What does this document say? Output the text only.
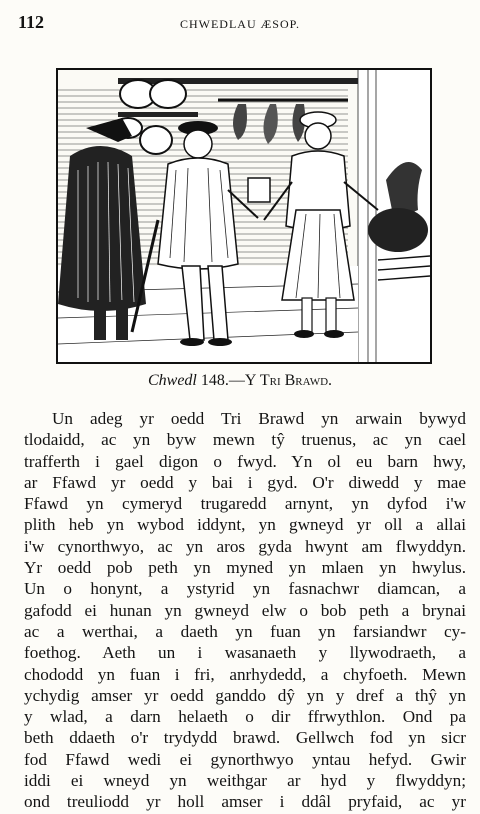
112	CHWEDLAU ÆSOP.
Chwedl 148.—Y Tri Brawd.
Un adeg yr oedd Tri Brawd yn arwain bywyd
tlodaidd, ac yn byw mewn tŷ truenus, ac yn cael
trafferth i gael digon o fwyd. Yn ol eu barn hwy,
ar Ffawd yr oedd y bai i gyd. O'r diwedd y mae
Ffawd yn cymeryd trugaredd arnynt, yn dyfod i'w
plith heb yn wybod iddynt, yn gwneyd yr oll a allai
i'w cynorthwyo, ac yn aros gyda hwynt am flwyddyn.
Yr oedd pob peth yn myned yn mlaen yn hwylus.
Un o honynt, a ystyrid yn fasnachwr diamcan, a
gafodd ei hunan yn gwneyd elw o bob peth a brynai
ac a werthai, a daeth yn fuan yn farsiandwr cy-
foethog. Aeth un i wasanaeth y llywodraeth, a
chododd yn fuan i fri, anrhydedd, a chyfoeth. Mewn
ychydig amser yr oedd ganddo dŷ yn y dref a thŷ yn
y wlad, a darn helaeth o dir ffrwythlon. Ond pa
beth ddaeth o'r trydydd brawd. Gellwch fod yn sicr
fod Ffawd wedi ei gynorthwyo yntau hefyd. Gwir
iddi ei wneyd yn weithgar ar hyd y flwyddyn;
ond treuliodd yr holl amser i ddâl pryfaid, ac yr
